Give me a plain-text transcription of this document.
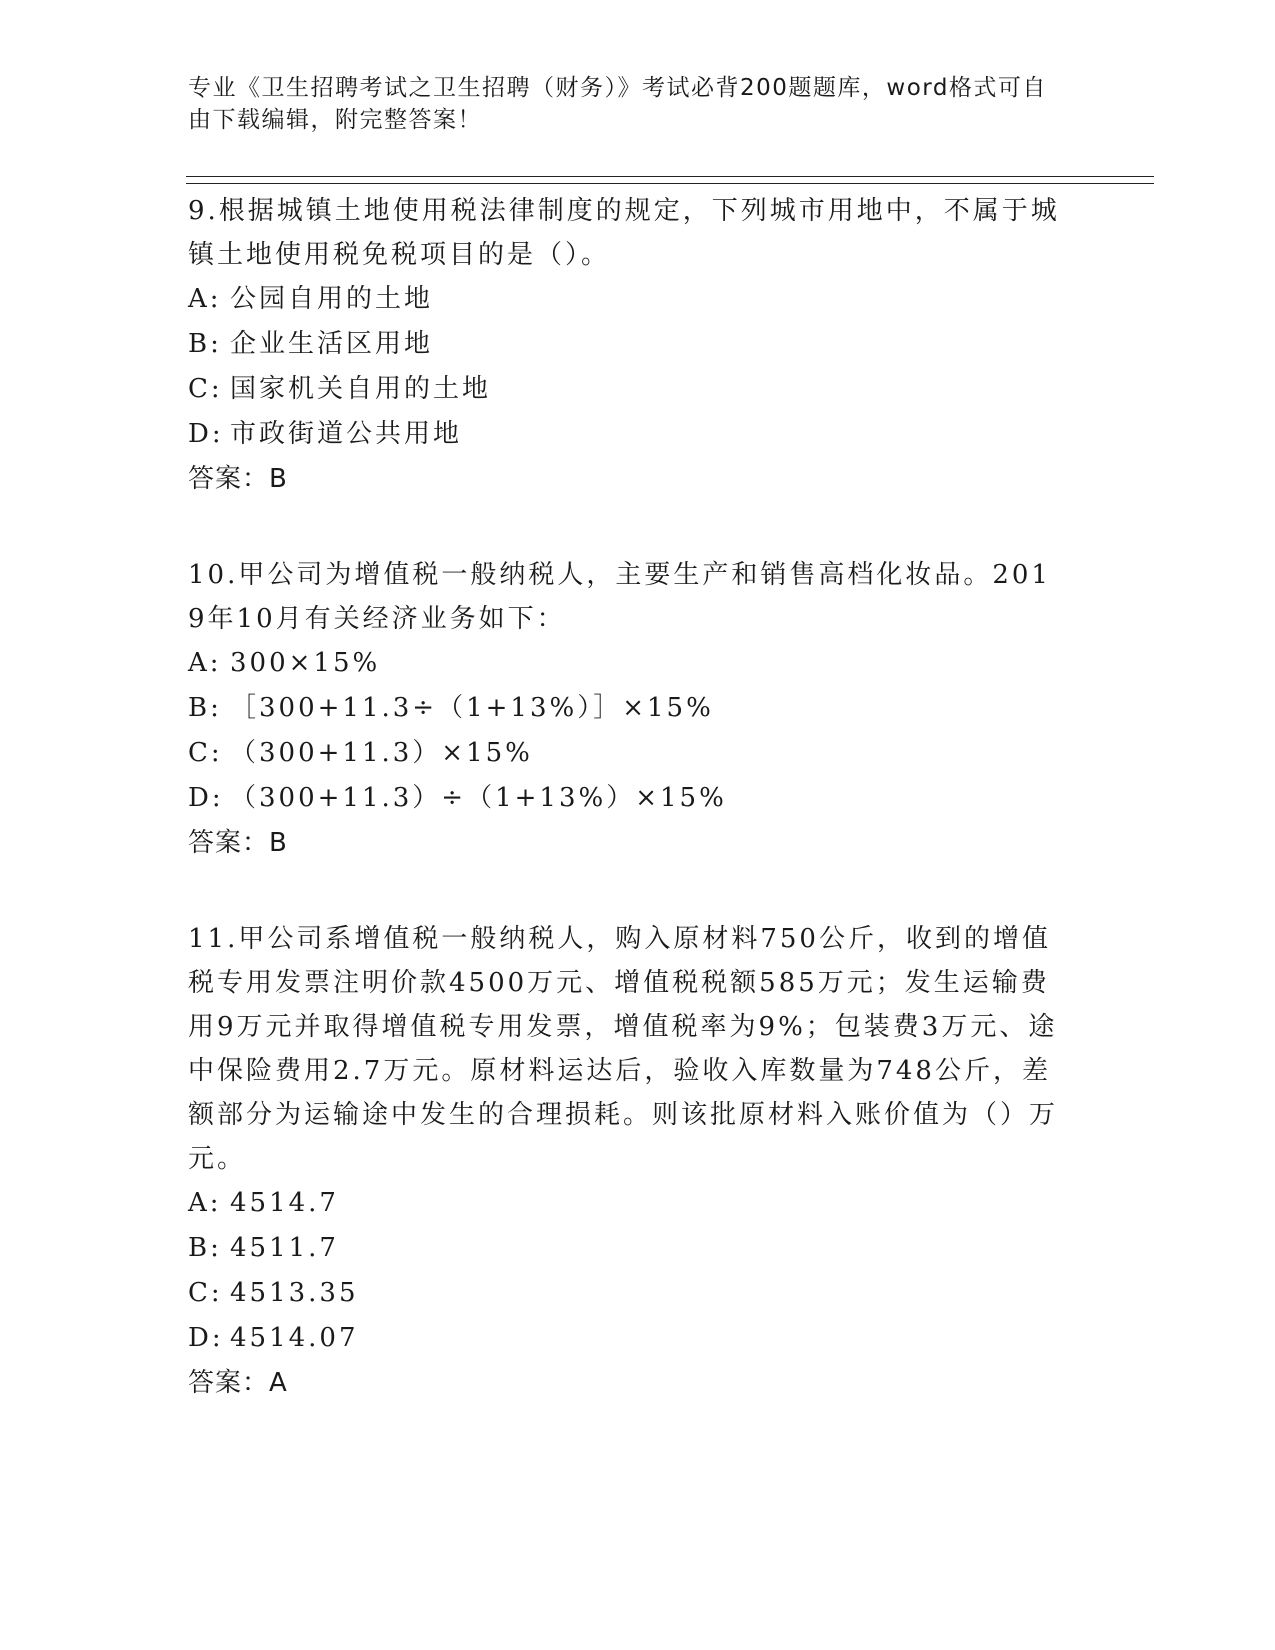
专业《卫生招聘考试之卫生招聘（财务）》考试必背200题题库，word格式可自由下载编辑，附完整答案！

9.根据城镇土地使用税法律制度的规定，下列城市用地中，不属于城镇土地使用税免税项目的是（）。

A: 公园自用的土地
B: 企业生活区用地
C: 国家机关自用的土地
D: 市政街道公共用地
答案：B

10.甲公司为增值税一般纳税人，主要生产和销售高档化妆品。2019年10月有关经济业务如下：

A: 300×15%
B: ［300+11.3÷（1+13%）］×15%
C: （300+11.3）×15%
D: （300+11.3）÷（1+13%）×15%
答案：B

11.甲公司系增值税一般纳税人，购入原材料750公斤，收到的增值税专用发票注明价款4500万元、增值税税额585万元；发生运输费用9万元并取得增值税专用发票，增值税率为9%；包装费3万元、途中保险费用2.7万元。原材料运达后，验收入库数量为748公斤，差额部分为运输途中发生的合理损耗。则该批原材料入账价值为（）万元。

A: 4514.7
B: 4511.7
C: 4513.35
D: 4514.07
答案：A
